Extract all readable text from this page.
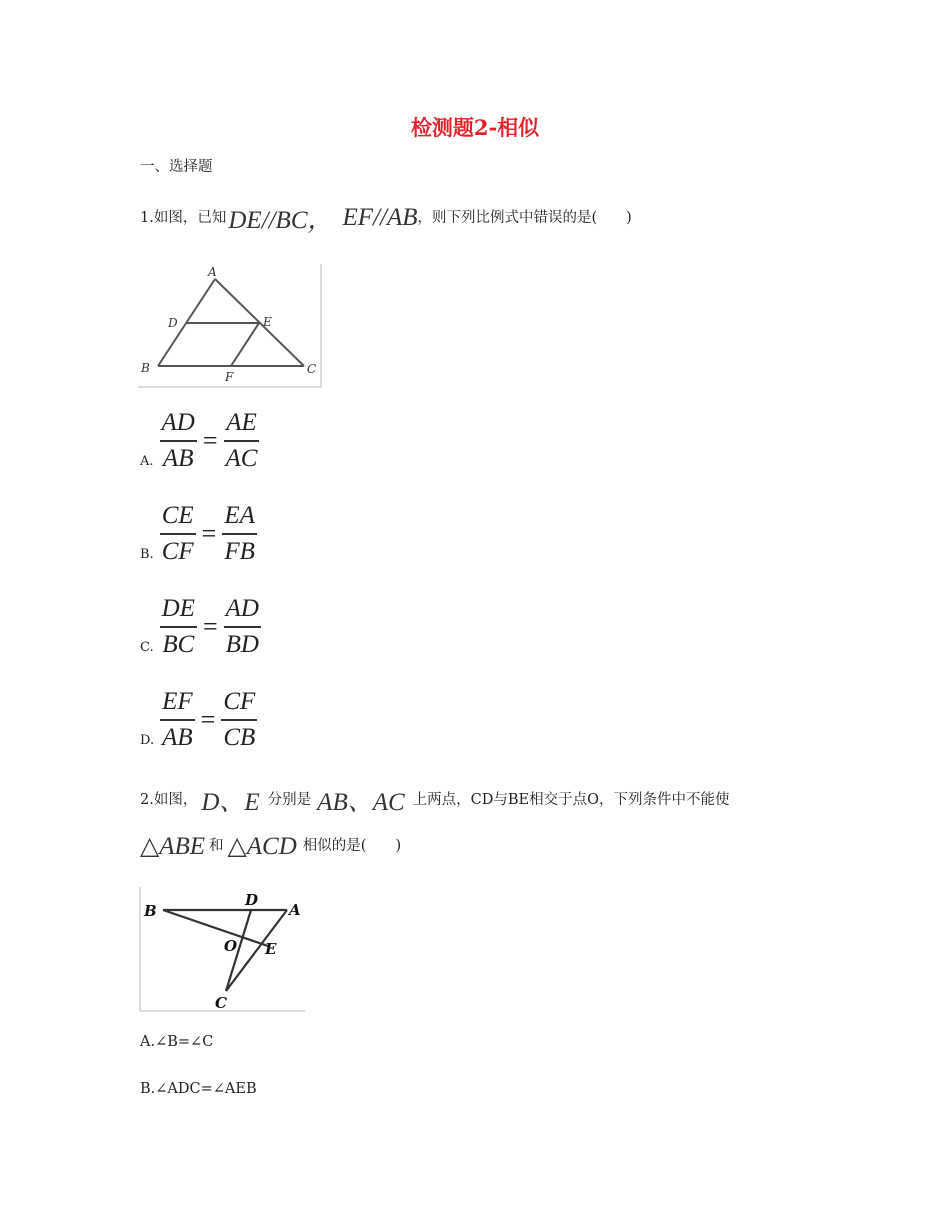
检测题2-相似
一、选择题
1.如图，已知 DE//BC， EF//AB ，则下列比例式中错误的是(　　)
A
D	E
B
F
C
A. $\frac{AD}{AB} = \frac{AE}{AC}$
B. $\frac{CE}{CF} = \frac{EA}{FB}$
C. $\frac{DE}{BC} = \frac{AD}{BD}$
D. $\frac{EF}{AB} = \frac{CF}{CB}$
2.如图， D、E 分别是 AB、AC 上两点，CD与BE相交于点O，下列条件中不能使
△ABE 和 △ACD 相似的是(　　)
B
D
A
O E
C
A. ∠B=∠C
B. ∠ADC=∠AEB
